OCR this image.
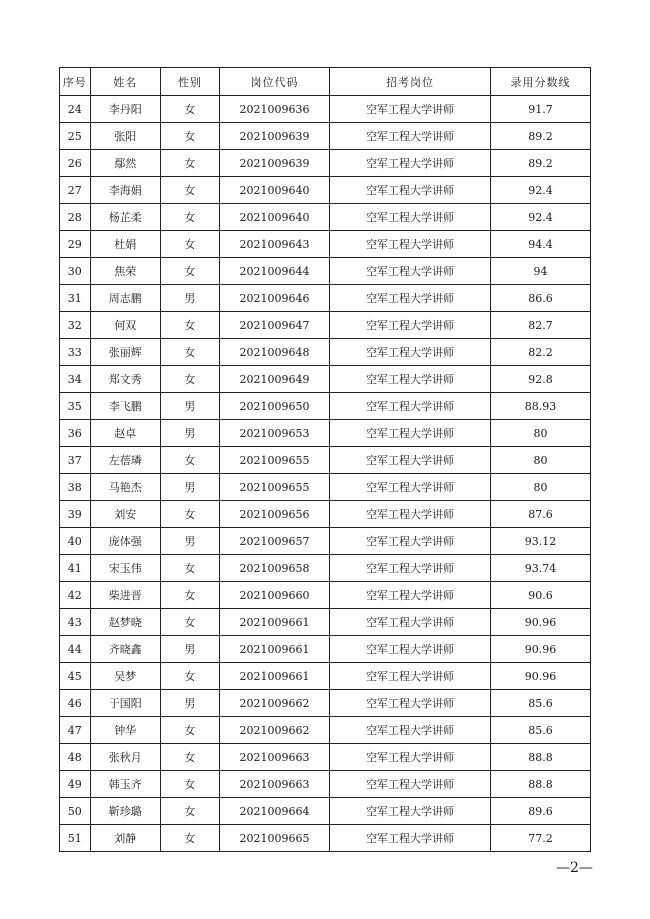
序号	姓名	性别	岗位代码	招考岗位	录用分数线
24	李丹阳	女	2021009636	空军工程大学讲师	91.7
25	张阳	女	2021009639	空军工程大学讲师	89.2
26	鄢然	女	2021009639	空军工程大学讲师	89.2
27	李海娟	女	2021009640	空军工程大学讲师	92.4
28	杨芷柔	女	2021009640	空军工程大学讲师	92.4
29	杜娟	女	2021009643	空军工程大学讲师	94.4
30	焦荣	女	2021009644	空军工程大学讲师	94
31	周志鹏	男	2021009646	空军工程大学讲师	86.6
32	何双	女	2021009647	空军工程大学讲师	82.7
33	张丽辉	女	2021009648	空军工程大学讲师	82.2
34	郑文秀	女	2021009649	空军工程大学讲师	92.8
35	李飞鹏	男	2021009650	空军工程大学讲师	88.93
36	赵卓	男	2021009653	空军工程大学讲师	80
37	左蓓璘	女	2021009655	空军工程大学讲师	80
38	马艳杰	男	2021009655	空军工程大学讲师	80
39	刘安	女	2021009656	空军工程大学讲师	87.6
40	庞体强	男	2021009657	空军工程大学讲师	93.12
41	宋玉伟	女	2021009658	空军工程大学讲师	93.74
42	柴进晋	女	2021009660	空军工程大学讲师	90.6
43	赵梦晓	女	2021009661	空军工程大学讲师	90.96
44	齐晓鑫	男	2021009661	空军工程大学讲师	90.96
45	吴梦	女	2021009661	空军工程大学讲师	90.96
46	于国阳	男	2021009662	空军工程大学讲师	85.6
47	钟华	女	2021009662	空军工程大学讲师	85.6
48	张秋月	女	2021009663	空军工程大学讲师	88.8
49	韩玉齐	女	2021009663	空军工程大学讲师	88.8
50	靳珍璐	女	2021009664	空军工程大学讲师	89.6
51	刘静	女	2021009665	空军工程大学讲师	77.2
—2—
